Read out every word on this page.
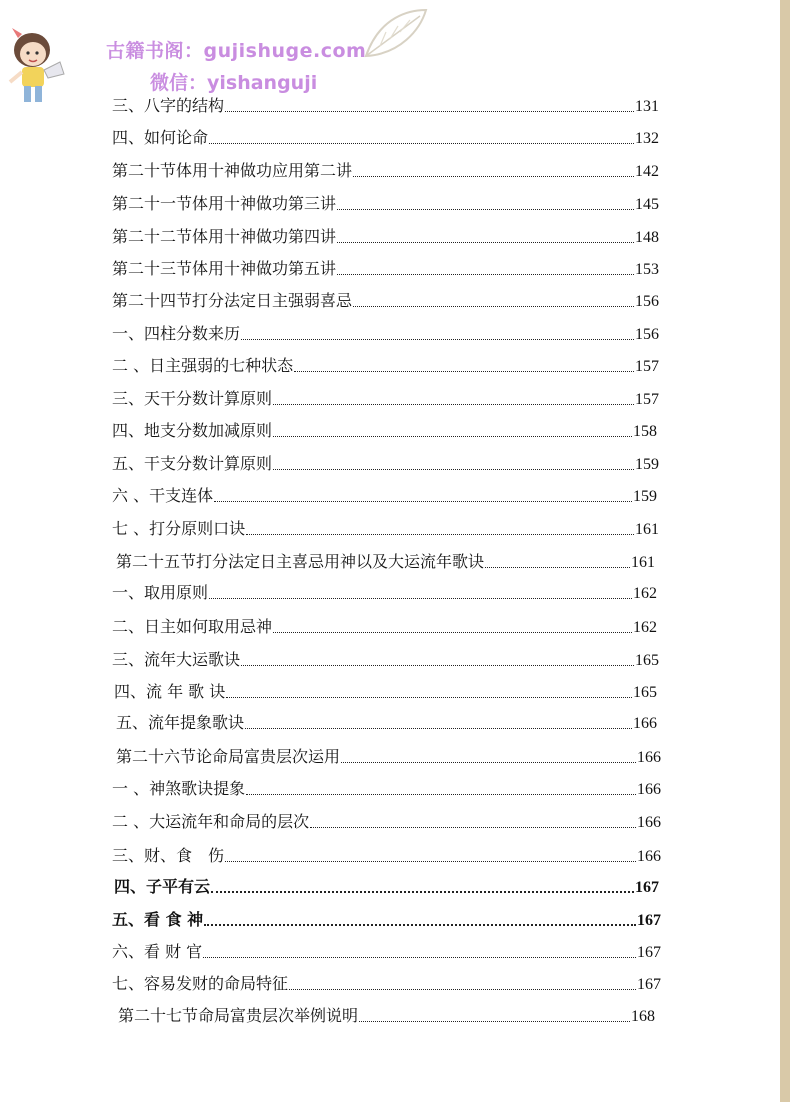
古籍书阁：gujishuge.com
微信：yishanguji
三、八字的结构	131
四、如何论命	132
第二十节体用十神做功应用第二讲	142
第二十一节体用十神做功第三讲	145
第二十二节体用十神做功第四讲	148
第二十三节体用十神做功第五讲	153
第二十四节打分法定日主强弱喜忌	156
一、四柱分数来历	156
二 、日主强弱的七种状态	157
三、天干分数计算原则	157
四、地支分数加减原则	158
五、干支分数计算原则	159
六 、干支连体	159
七 、打分原则口诀	161
第二十五节打分法定日主喜忌用神以及大运流年歌诀	161
一、取用原则	162
二、日主如何取用忌神	162
三、流年大运歌诀	165
四、流 年 歌 诀	165
五、流年提象歌诀	166
第二十六节论命局富贵层次运用	166
一 、神煞歌诀提象	166
二 、大运流年和命局的层次	166
三、财、食　伤	166
四、子平有云	167
五、看 食 神	167
六、看 财 官	167
七、容易发财的命局特征	167
第二十七节命局富贵层次举例说明	168
